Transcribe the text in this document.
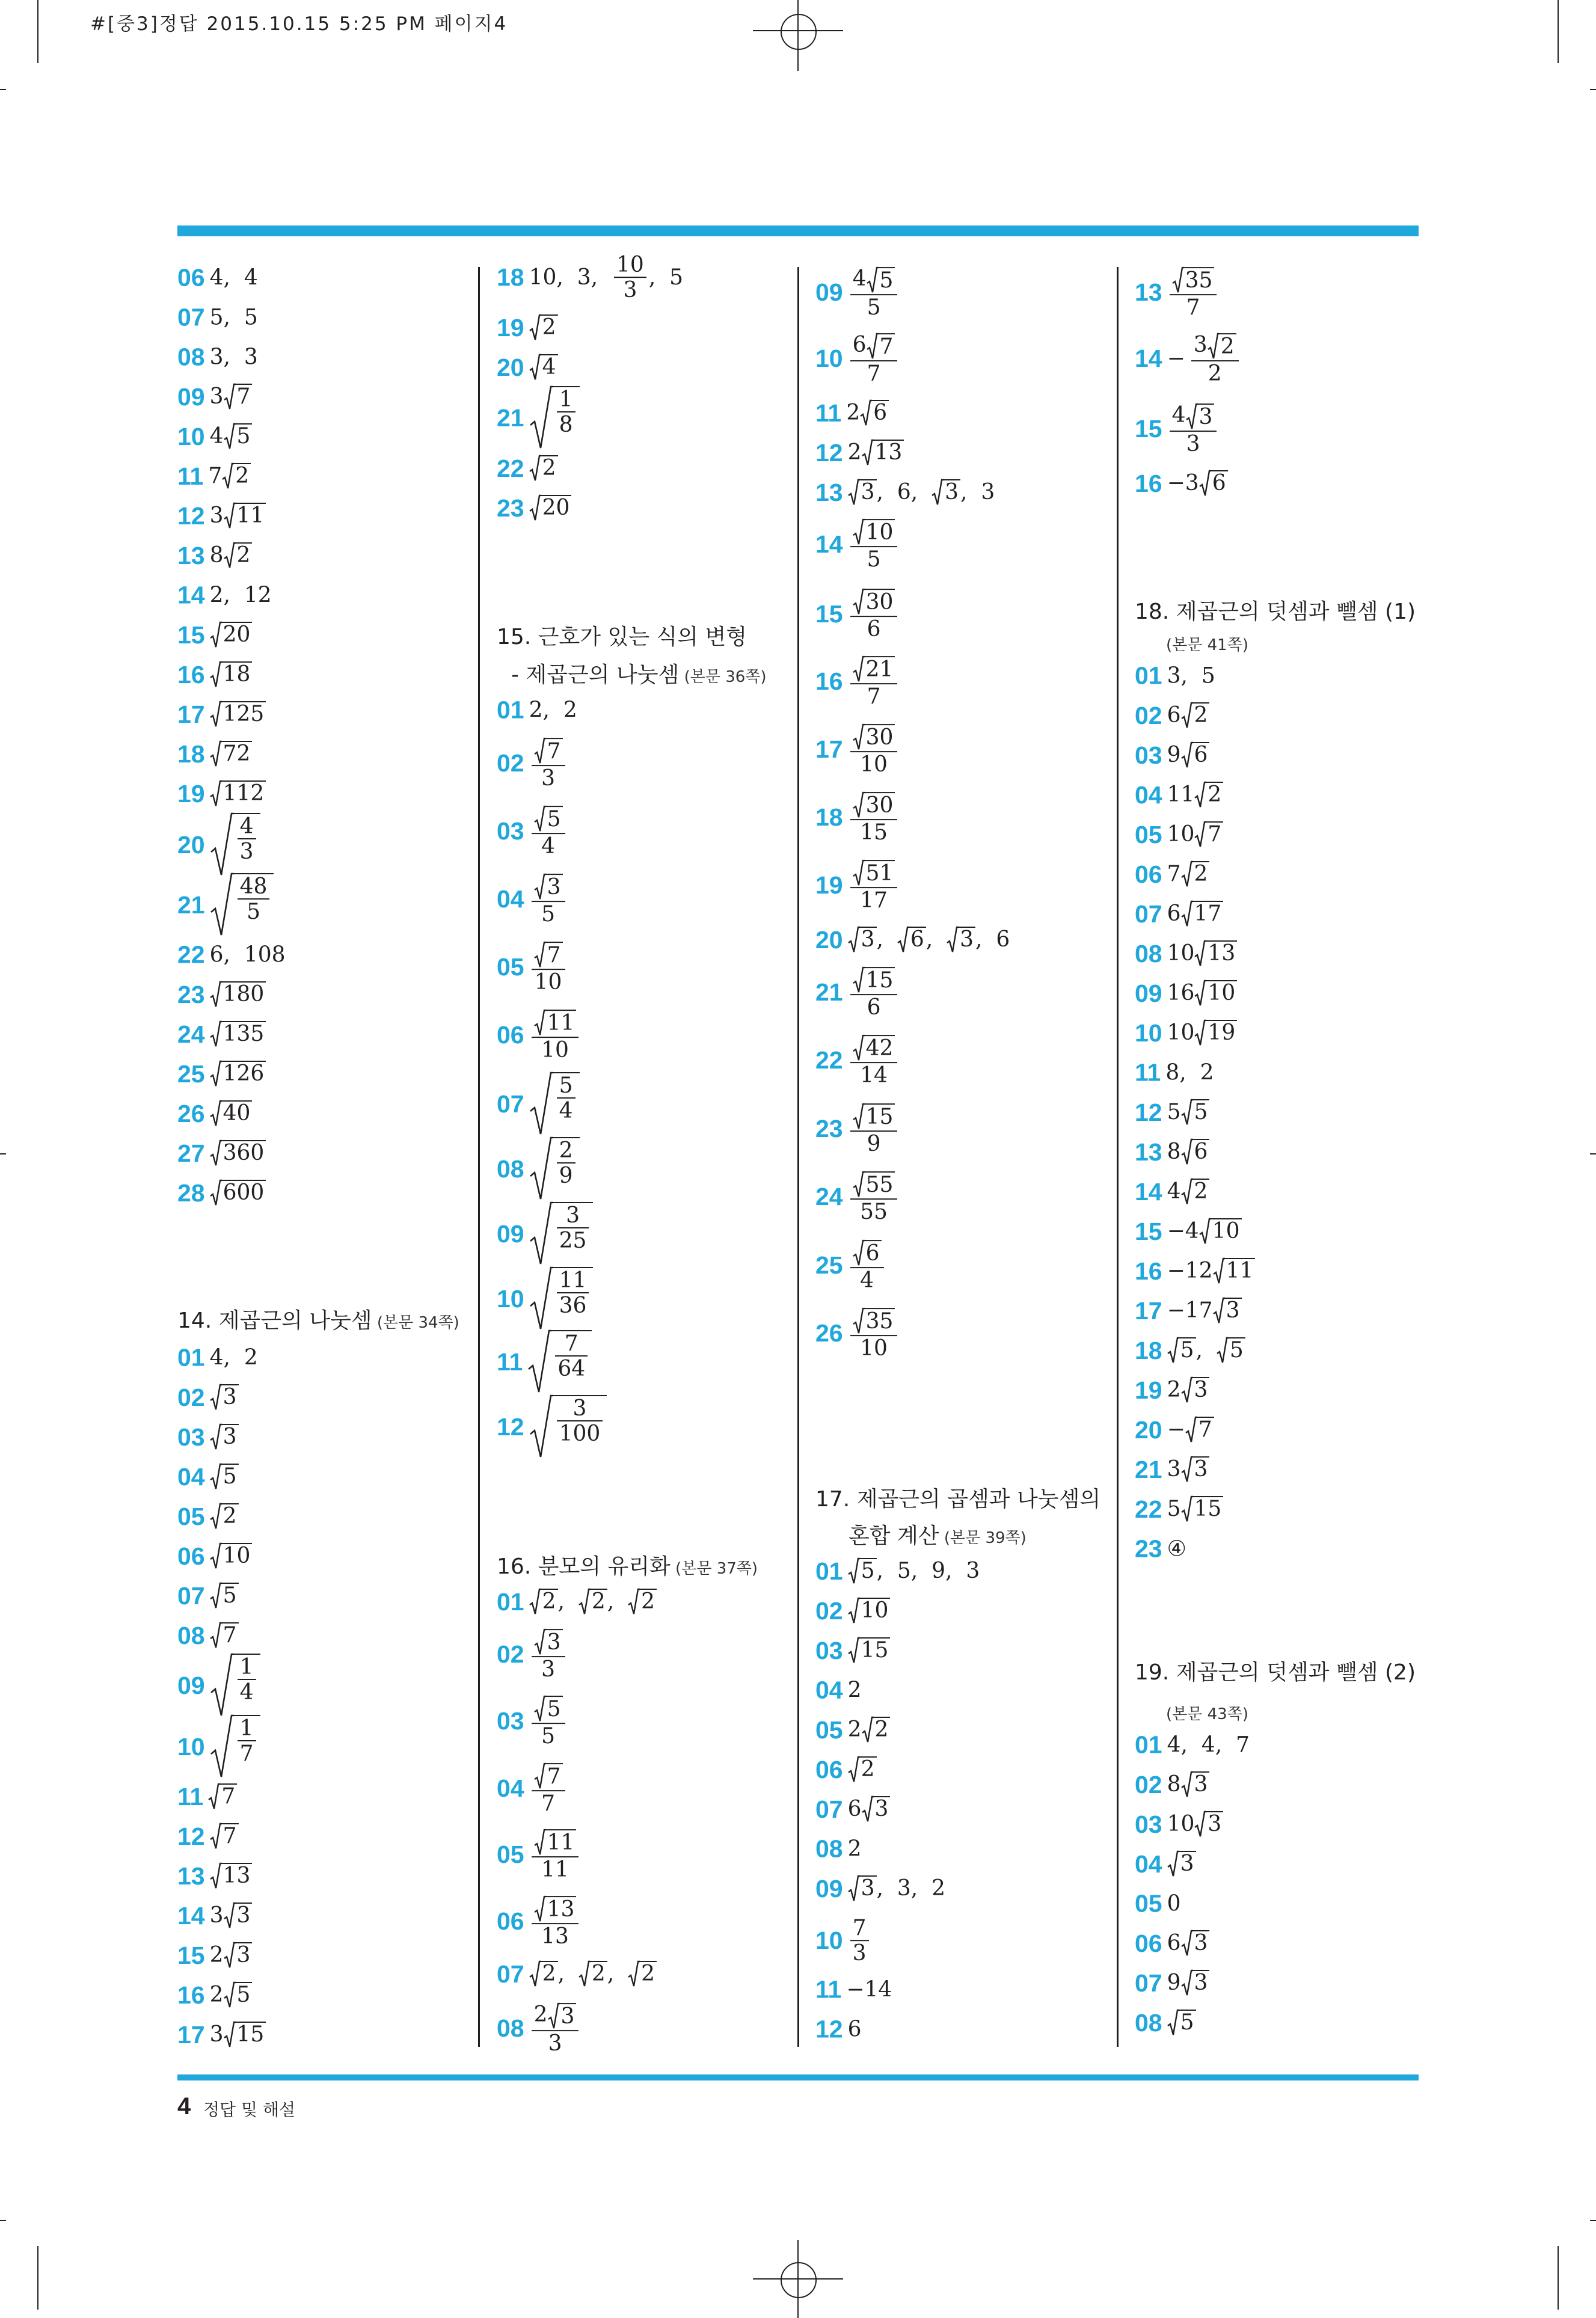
#[중3]정답 2015.10.15 5:25 PM 페이지4
06 4 , 4
07 5 , 5
08 3 , 3
09 3 7
10 4 5
11 7 2
12 3 11
13 8 2
14 2 , 12
15 20
16 18
17 125
18 72
19 112
20
4
3
21
48
5
22 6 , 108
23 180
24 135
25 126
26 40
27 360
28 600
14. 제곱근의 나눗셈 (본문 34쪽)
01 4 , 2
02 3
03 3
04 5
05 2
06 10
07 5
08 7
09
1
4
10
1
7
11 7
12 7
13 13
14 3 3
15 2 3
16 2 5
17 3 15
18 10 , 3 ,
10
3
, 5
19 2
20 4
21
1
8
22 2
23 20
15. 근호가 있는 식의 변형
- 제곱근의 나눗셈 (본문 36쪽)
01 2 , 2
02 7
3
03 5
4
04 3
5
05 7
10
06 11
10
07
5
4
08
2
9
09
3
25
10
11
36
11
7
64
12
3
100
16. 분모의 유리화 (본문 37쪽)
01 2 , 2 , 2
02 3
3
03 5
5
04 7
7
05 11
11
06 13
13
07 2 , 2 , 2
08 2 3
3
09 4 5
5
10 6 7
7
11 2 6
12 2 13
13 3 , 6 , 3 , 3
14 10
5
15 30
6
16 21
7
17 30
10
18 30
15
19 51
17
20 3 , 6 , 3 , 6
21 15
6
22 42
14
23 15
9
24 55
55
25 6
4
26 35
10
17. 제곱근의 곱셈과 나눗셈의
혼합 계산 (본문 39쪽)
01 5 , 5 , 9 , 3
02 10
03 15
04 2
05 2 2
06 2
07 6 3
08 2
09 3 , 3 , 2
10 7
3
11 −14
12 6
13 35
7
14 −
3 2
2
15 4 3
3
16 −3 6
18. 제곱근의 덧셈과 뺄셈 (1)
(본문 41쪽)
01 3 , 5
02 6 2
03 9 6
04 11 2
05 10 7
06 7 2
07 6 17
08 10 13
09 16 10
10 10 19
11 8 , 2
12 5 5
13 8 6
14 4 2
15 −4 10
16 −12 11
17 −17 3
18 5 , 5
19 2 3
20 − 7
21 3 3
22 5 15
23 ④
19. 제곱근의 덧셈과 뺄셈 (2)
(본문 43쪽)
01 4 , 4 , 7
02 8 3
03 10 3
04 3
05 0
06 6 3
07 9 3
08 5
4 정답 및 해설
